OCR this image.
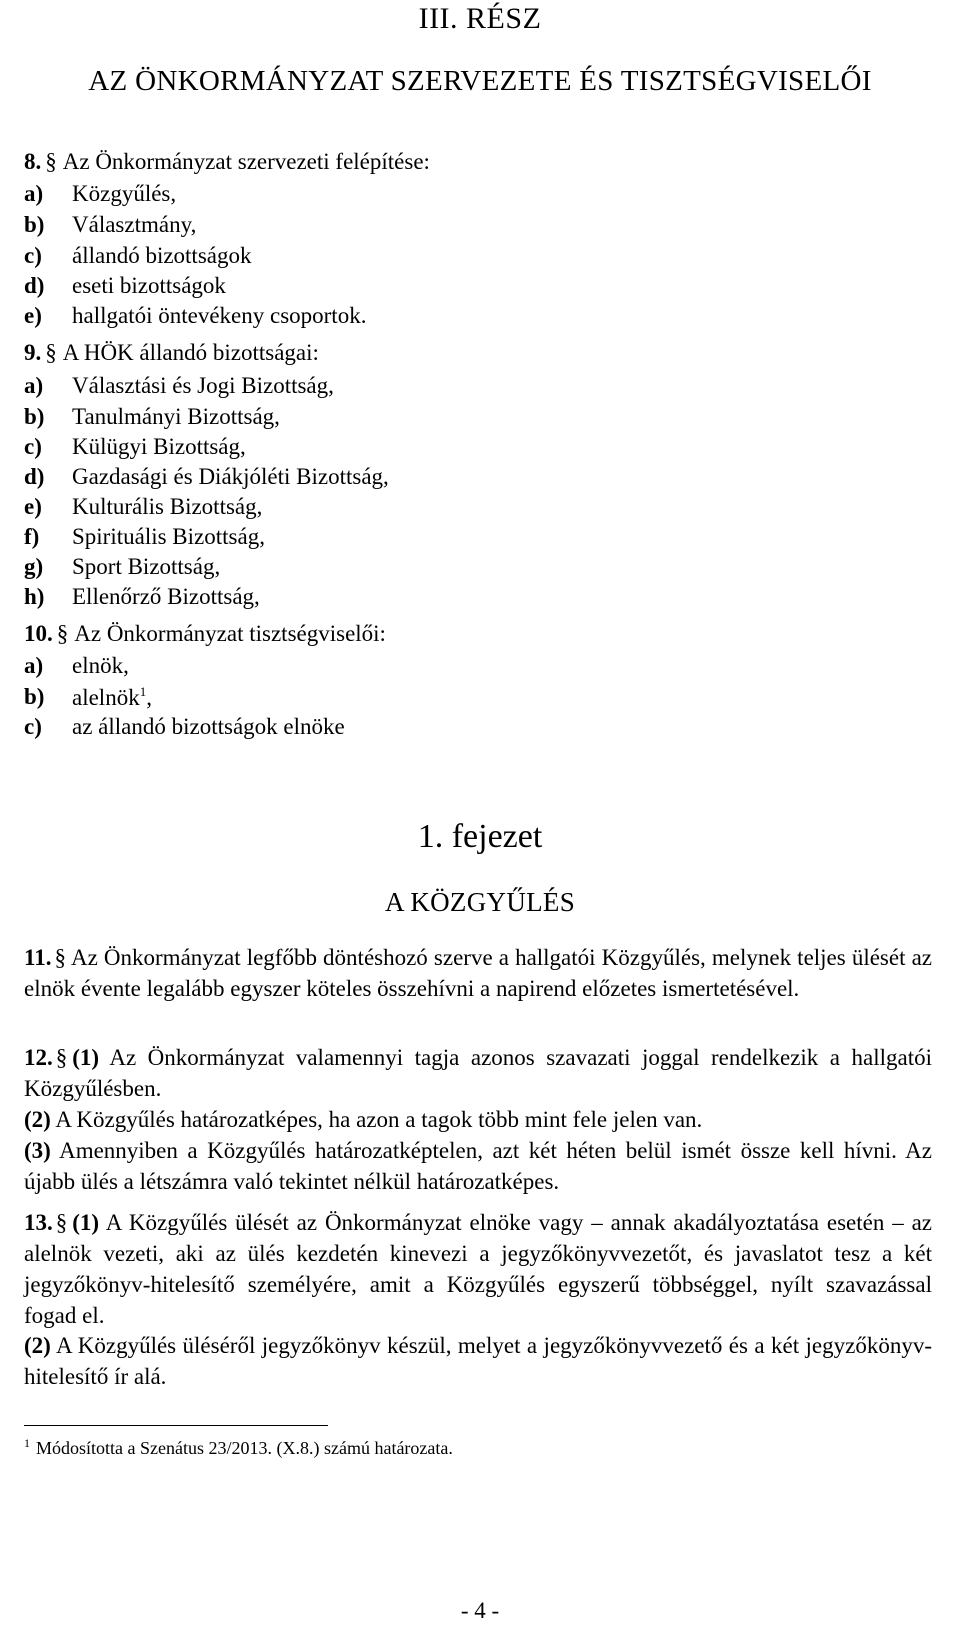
III. RÉSZ
AZ ÖNKORMÁNYZAT SZERVEZETE ÉS TISZTSÉGVISELŐI
8. § Az Önkormányzat szervezeti felépítése:
a) Közgyűlés,
b) Választmány,
c) állandó bizottságok
d) eseti bizottságok
e) hallgatói öntevékeny csoportok.
9. § A HÖK állandó bizottságai:
a) Választási és Jogi Bizottság,
b) Tanulmányi Bizottság,
c) Külügyi Bizottság,
d) Gazdasági és Diákjóléti Bizottság,
e) Kulturális Bizottság,
f) Spirituális Bizottság,
g) Sport Bizottság,
h) Ellenőrző Bizottság,
10. § Az Önkormányzat tisztségviselői:
a) elnök,
b) alelnök$^1$,
c) az állandó bizottságok elnöke
1. fejezet
A KÖZGYŰLÉS
11. § Az Önkormányzat legfőbb döntéshozó szerve a hallgatói Közgyűlés, melynek teljes ülését az elnök évente legalább egyszer köteles összehívni a napirend előzetes ismertetésével.
12. § (1) Az Önkormányzat valamennyi tagja azonos szavazati joggal rendelkezik a hallgatói Közgyűlésben.
(2) A Közgyűlés határozatképes, ha azon a tagok több mint fele jelen van.
(3) Amennyiben a Közgyűlés határozatképtelen, azt két héten belül ismét össze kell hívni. Az újabb ülés a létszámra való tekintet nélkül határozatképes.
13. § (1) A Közgyűlés ülését az Önkormányzat elnöke vagy – annak akadályoztatása esetén – az alelnök vezeti, aki az ülés kezdetén kinevezi a jegyzőkönyvvezetőt, és javaslatot tesz a két jegyzőkönyv-hitelesítő személyére, amit a Közgyűlés egyszerű többséggel, nyílt szavazással fogad el.
(2) A Közgyűlés üléséről jegyzőkönyv készül, melyet a jegyzőkönyvvezető és a két jegyzőkönyv-hitelesítő ír alá.
$^1$ Módosította a Szenátus 23/2013. (X.8.) számú határozata.
- 4 -
